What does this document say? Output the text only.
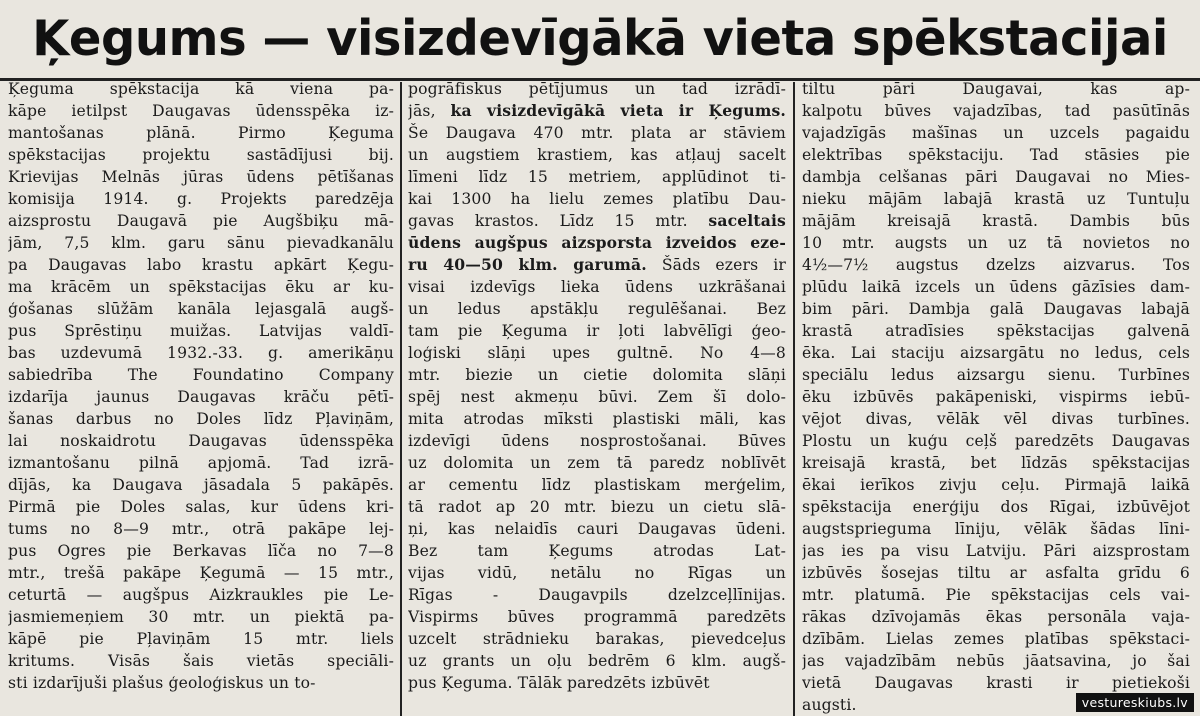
Ķegums — visizdevīgākā vieta spēkstacijai
Ķeguma spēkstacija kā viena pa-
kāpe ietilpst Daugavas ūdensspēka iz-
mantošanas plānā. Pirmo Ķeguma
spēkstacijas projektu sastādījusi bij.
Krievijas Melnās jūras ūdens pētīšanas
komisija 1914. g. Projekts paredzēja
aizsprostu Daugavā pie Augšbiķu mā-
jām, 7,5 klm. garu sānu pievadkanālu
pa Daugavas labo krastu apkārt Ķegu-
ma krācēm un spēkstacijas ēku ar ku-
ģošanas slūžām kanāla lejasgalā augš-
pus Sprēstiņu muižas. Latvijas valdī-
bas uzdevumā 1932.-33. g. amerikāņu
sabiedrība The Foundatino Company
izdarīja jaunus Daugavas krāču pētī-
šanas darbus no Doles līdz Pļaviņām,
lai noskaidrotu Daugavas ūdensspēka
izmantošanu pilnā apjomā. Tad izrā-
dījās, ka Daugava jāsadala 5 pakāpēs.
Pirmā pie Doles salas, kur ūdens kri-
tums no 8—9 mtr., otrā pakāpe lej-
pus Ogres pie Berkavas līča no 7—8
mtr., trešā pakāpe Ķegumā — 15 mtr.,
ceturtā — augšpus Aizkraukles pie Le-
jasmiemeņiem 30 mtr. un piektā pa-
kāpē pie Pļaviņām 15 mtr. liels
kritums. Visās šais vietās speciāli-
sti izdarījuši plašus ģeoloģiskus un to-
pogrāfiskus pētījumus un tad izrādī-
jās, ka visizdevīgākā vieta ir Ķegums.
Še Daugava 470 mtr. plata ar stāviem
un augstiem krastiem, kas atļauj sacelt
līmeni līdz 15 metriem, applūdinot ti-
kai 1300 ha lielu zemes platību Dau-
gavas krastos. Līdz 15 mtr. saceltais
ūdens augšpus aizsporsta izveidos eze-
ru 40—50 klm. garumā. Šāds ezers ir
visai izdevīgs lieka ūdens uzkrāšanai
un ledus apstākļu regulēšanai. Bez
tam pie Ķeguma ir ļoti labvēlīgi ģeo-
loģiski slāņi upes gultnē. No 4—8
mtr. biezie un cietie dolomita slāņi
spēj nest akmeņu būvi. Zem šī dolo-
mita atrodas mīksti plastiski māli, kas
izdevīgi ūdens nosprostošanai. Būves
uz dolomita un zem tā paredz noblīvēt
ar cementu līdz plastiskam merģelim,
tā radot ap 20 mtr. biezu un cietu slā-
ņi, kas nelaidīs cauri Daugavas ūdeni.
Bez tam Ķegums atrodas Lat-
vijas vidū, netālu no Rīgas un
Rīgas - Daugavpils dzelzceļlīnijas.
Vispirms būves programmā paredzēts
uzcelt strādnieku barakas, pievedceļus
uz grants un oļu bedrēm 6 klm. augš-
pus Ķeguma. Tālāk paredzēts izbūvēt
tiltu pāri Daugavai, kas ap-
kalpotu būves vajadzības, tad pasūtīnās
vajadzīgās mašīnas un uzcels pagaidu
elektrības spēkstaciju. Tad stāsies pie
dambja celšanas pāri Daugavai no Mies-
nieku mājām labajā krastā uz Tuntuļu
mājām kreisajā krastā. Dambis būs
10 mtr. augsts un uz tā novietos no
4½—7½ augstus dzelzs aizvarus. Tos
plūdu laikā izcels un ūdens gāzīsies dam-
bim pāri. Dambja galā Daugavas labajā
krastā atradīsies spēkstacijas galvenā
ēka. Lai staciju aizsargātu no ledus, cels
speciālu ledus aizsargu sienu. Turbīnes
ēku izbūvēs pakāpeniski, vispirms iebū-
vējot divas, vēlāk vēl divas turbīnes.
Plostu un kuģu ceļš paredzēts Daugavas
kreisajā krastā, bet līdzās spēkstacijas
ēkai ierīkos zivju ceļu. Pirmajā laikā
spēkstacija enerģiju dos Rīgai, izbūvējot
augstsprieguma līniju, vēlāk šādas līni-
jas ies pa visu Latviju. Pāri aizsprostam
izbūvēs šosejas tiltu ar asfalta grīdu 6
mtr. platumā. Pie spēkstacijas cels vai-
rākas dzīvojamās ēkas personāla vaja-
dzībām. Lielas zemes platības spēkstaci-
jas vajadzībām nebūs jāatsavina, jo šai
vietā Daugavas krasti ir pietiekoši
augsti.	vestureskiubs.lv
